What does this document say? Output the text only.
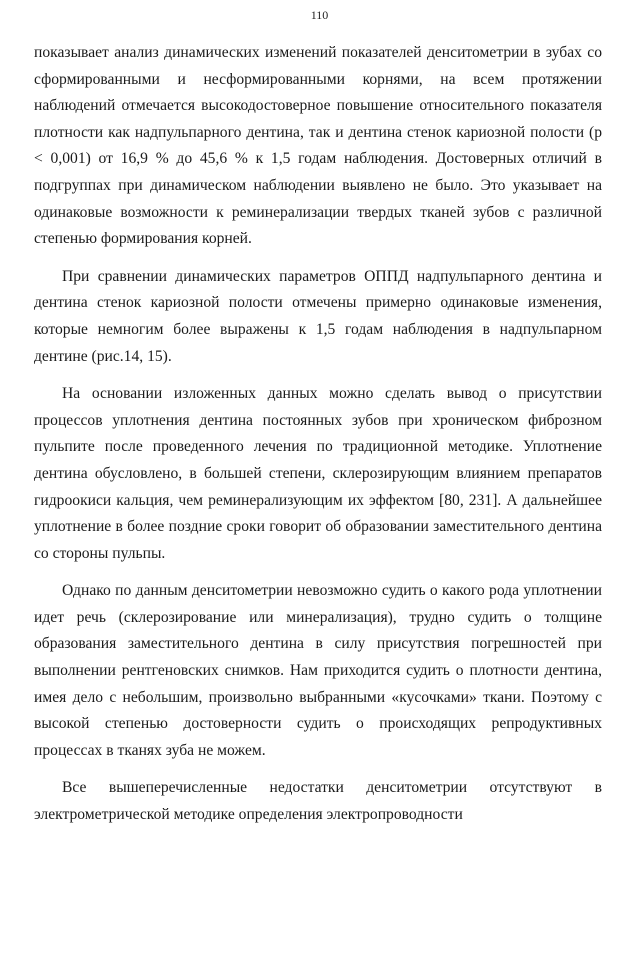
110

показывает анализ динамических изменений показателей денситометрии в зубах со сформированными и несформированными корнями, на всем протяжении наблюдений отмечается высокодостоверное повышение относительного показателя плотности как надпульпарного дентина, так и дентина стенок кариозной полости (р < 0,001) от 16,9 % до 45,6 % к 1,5 годам наблюдения. Достоверных отличий в подгруппах при динамическом наблюдении выявлено не было. Это указывает на одинаковые возможности к реминерализации твердых тканей зубов с различной степенью формирования корней.

При сравнении динамических параметров ОППД надпульпарного дентина и дентина стенок кариозной полости отмечены примерно одинаковые изменения, которые немногим более выражены к 1,5 годам наблюдения в надпульпарном дентине (рис.14, 15).

На основании изложенных данных можно сделать вывод о присутствии процессов уплотнения дентина постоянных зубов при хроническом фиброзном пульпите после проведенного лечения по традиционной методике. Уплотнение дентина обусловлено, в большей степени, склерозирующим влиянием препаратов гидроокиси кальция, чем реминерализующим их эффектом [80, 231]. А дальнейшее уплотнение в более поздние сроки говорит об образовании заместительного дентина со стороны пульпы.

Однако по данным денситометрии невозможно судить о какого рода уплотнении идет речь (склерозирование или минерализация), трудно судить о толщине образования заместительного дентина в силу присутствия погрешностей при выполнении рентгеновских снимков. Нам приходится судить о плотности дентина, имея дело с небольшим, произвольно выбранными «кусочками» ткани. Поэтому с высокой степенью достоверности судить о происходящих репродуктивных процессах в тканях зуба не можем.

Все вышеперечисленные недостатки денситометрии отсутствуют в электрометрической методике определения электропроводности
